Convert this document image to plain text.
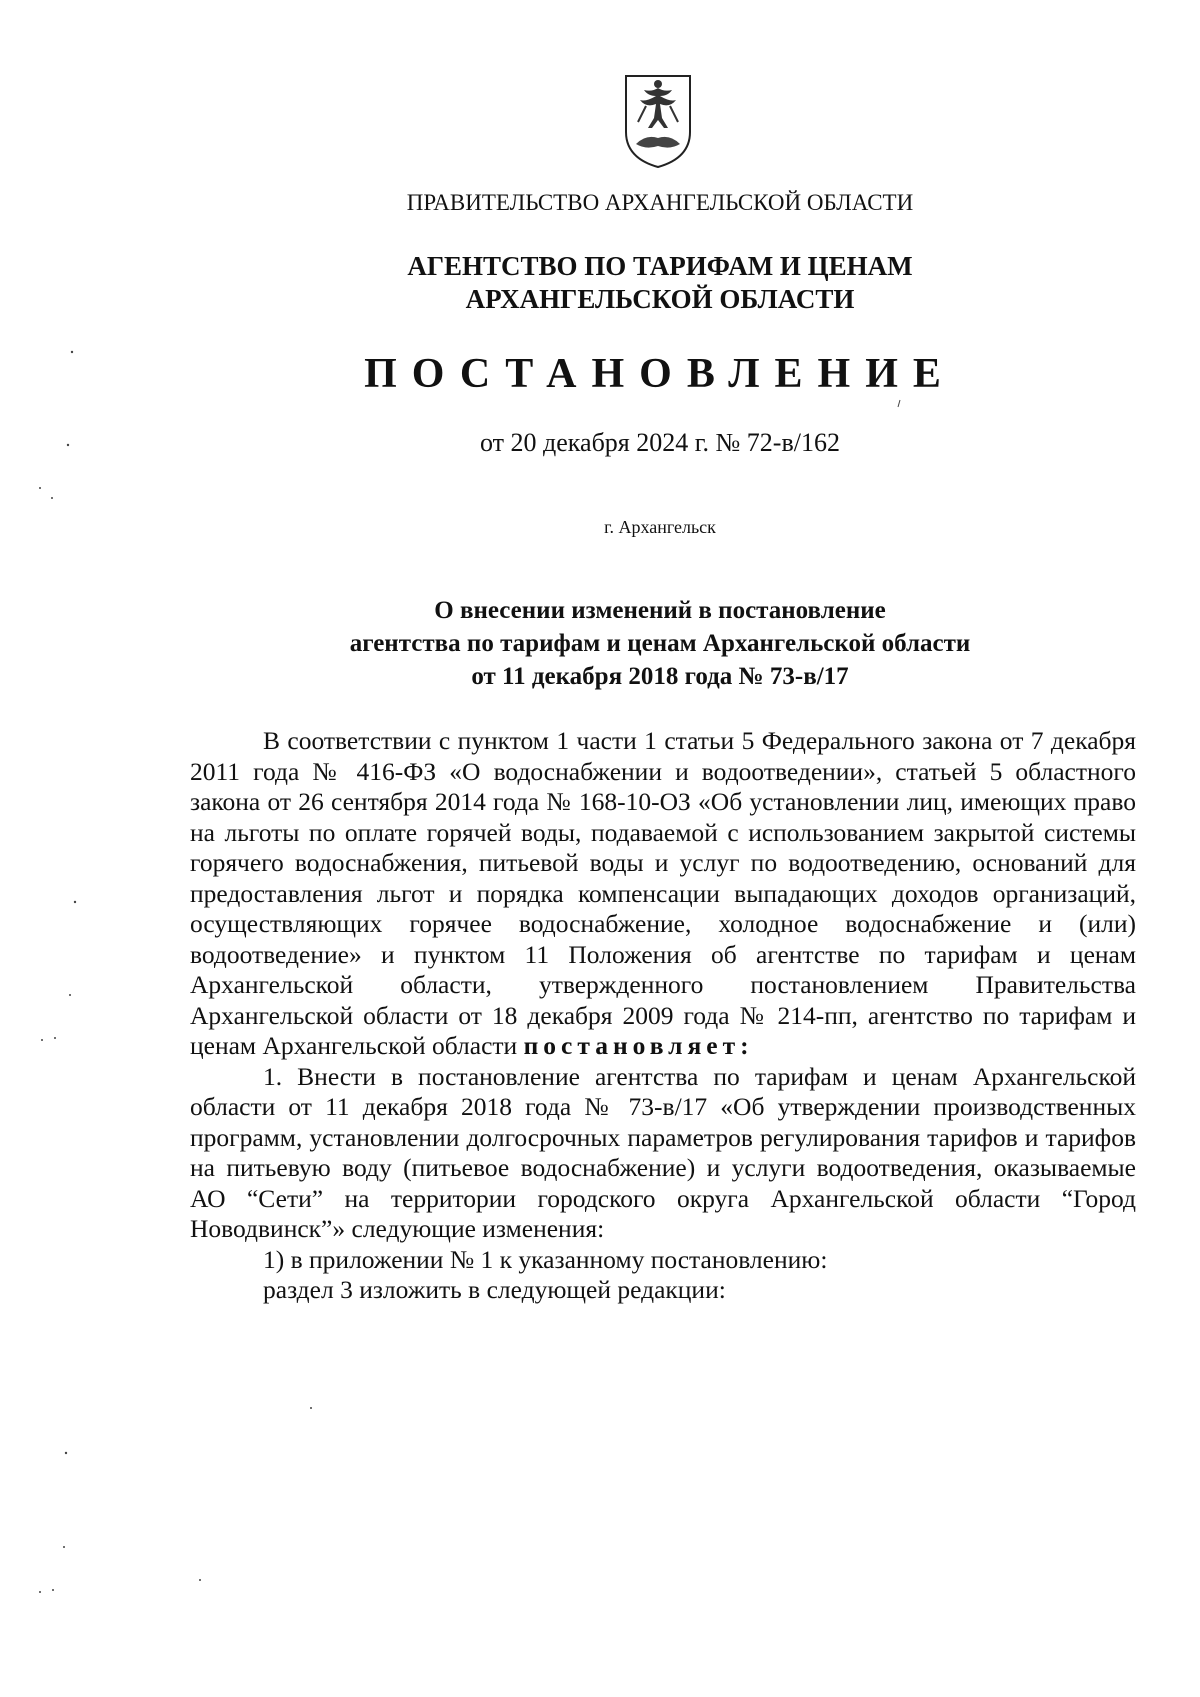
ПРАВИТЕЛЬСТВО АРХАНГЕЛЬСКОЙ ОБЛАСТИ
АГЕНТСТВО ПО ТАРИФАМ И ЦЕНАМ
АРХАНГЕЛЬСКОЙ ОБЛАСТИ
ПОСТАНОВЛЕНИЕ
от 20 декабря 2024 г. № 72-в/162
г. Архангельск
О внесении изменений в постановление
агентства по тарифам и ценам Архангельской области
от 11 декабря 2018 года № 73-в/17

В соответствии с пунктом 1 части 1 статьи 5 Федерального закона от 7 декабря 2011 года № 416-ФЗ «О водоснабжении и водоотведении», статьей 5 областного закона от 26 сентября 2014 года № 168-10-ОЗ «Об установлении лиц, имеющих право на льготы по оплате горячей воды, подаваемой с использованием закрытой системы горячего водоснабжения, питьевой воды и услуг по водоотведению, оснований для предоставления льгот и порядка компенсации выпадающих доходов организаций, осуществляющих горячее водоснабжение, холодное водоснабжение и (или) водоотведение» и пунктом 11 Положения об агентстве по тарифам и ценам Архангельской области, утвержденного постановлением Правительства Архангельской области от 18 декабря 2009 года № 214-пп, агентство по тарифам и ценам Архангельской области постановляет:

1. Внести в постановление агентства по тарифам и ценам Архангельской области от 11 декабря 2018 года № 73-в/17 «Об утверждении производственных программ, установлении долгосрочных параметров регулирования тарифов и тарифов на питьевую воду (питьевое водоснабжение) и услуги водоотведения, оказываемые АО “Сети” на территории городского округа Архангельской области “Город Новодвинск”» следующие изменения:

1) в приложении № 1 к указанному постановлению:

раздел 3 изложить в следующей редакции:
